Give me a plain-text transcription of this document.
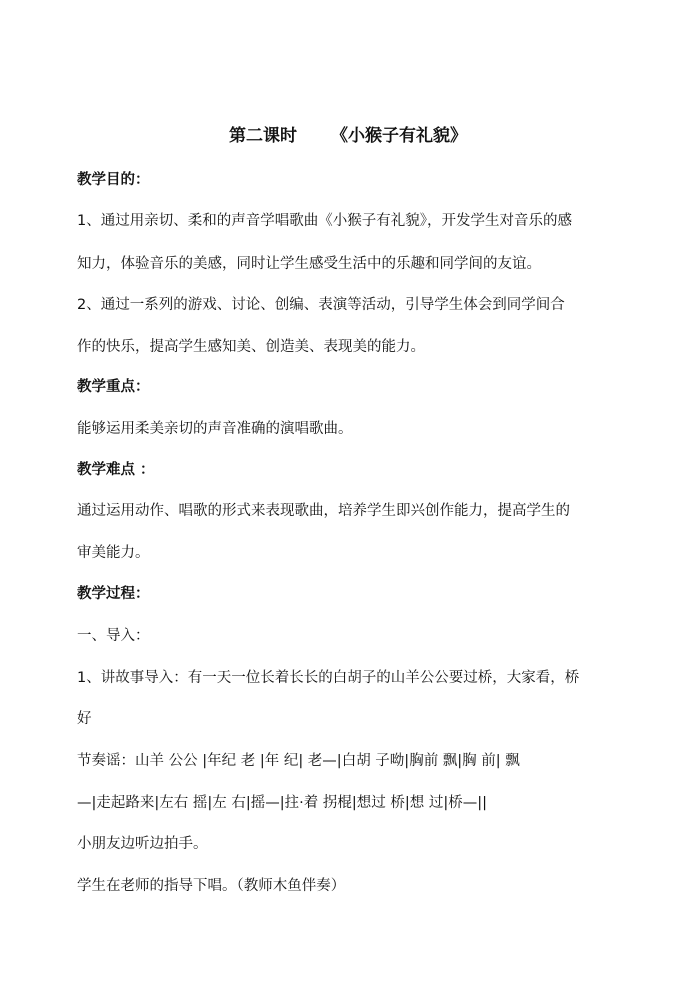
第二课时 《小猴子有礼貌》
教学目的：
1、通过用亲切、柔和的声音学唱歌曲《小猴子有礼貌》，开发学生对音乐的感
知力，体验音乐的美感，同时让学生感受生活中的乐趣和同学间的友谊。
2、通过一系列的游戏、讨论、创编、表演等活动，引导学生体会到同学间合
作的快乐，提高学生感知美、创造美、表现美的能力。
教学重点：
能够运用柔美亲切的声音准确的演唱歌曲。
教学难点 ：
通过运用动作、唱歌的形式来表现歌曲，培养学生即兴创作能力，提高学生的
审美能力。
教学过程：
一、导入：
1、讲故事导入：有一天一位长着长长的白胡子的山羊公公要过桥，大家看，桥
好
节奏谣：山羊 公公 |年纪 老 |年 纪| 老—|白胡 子呦|胸前 飘|胸 前| 飘
—|走起路来|左右 摇|左 右|摇—|拄·着 拐棍|想过 桥|想 过|桥—||
小朋友边听边拍手。
学生在老师的指导下唱。（教师木鱼伴奏）
